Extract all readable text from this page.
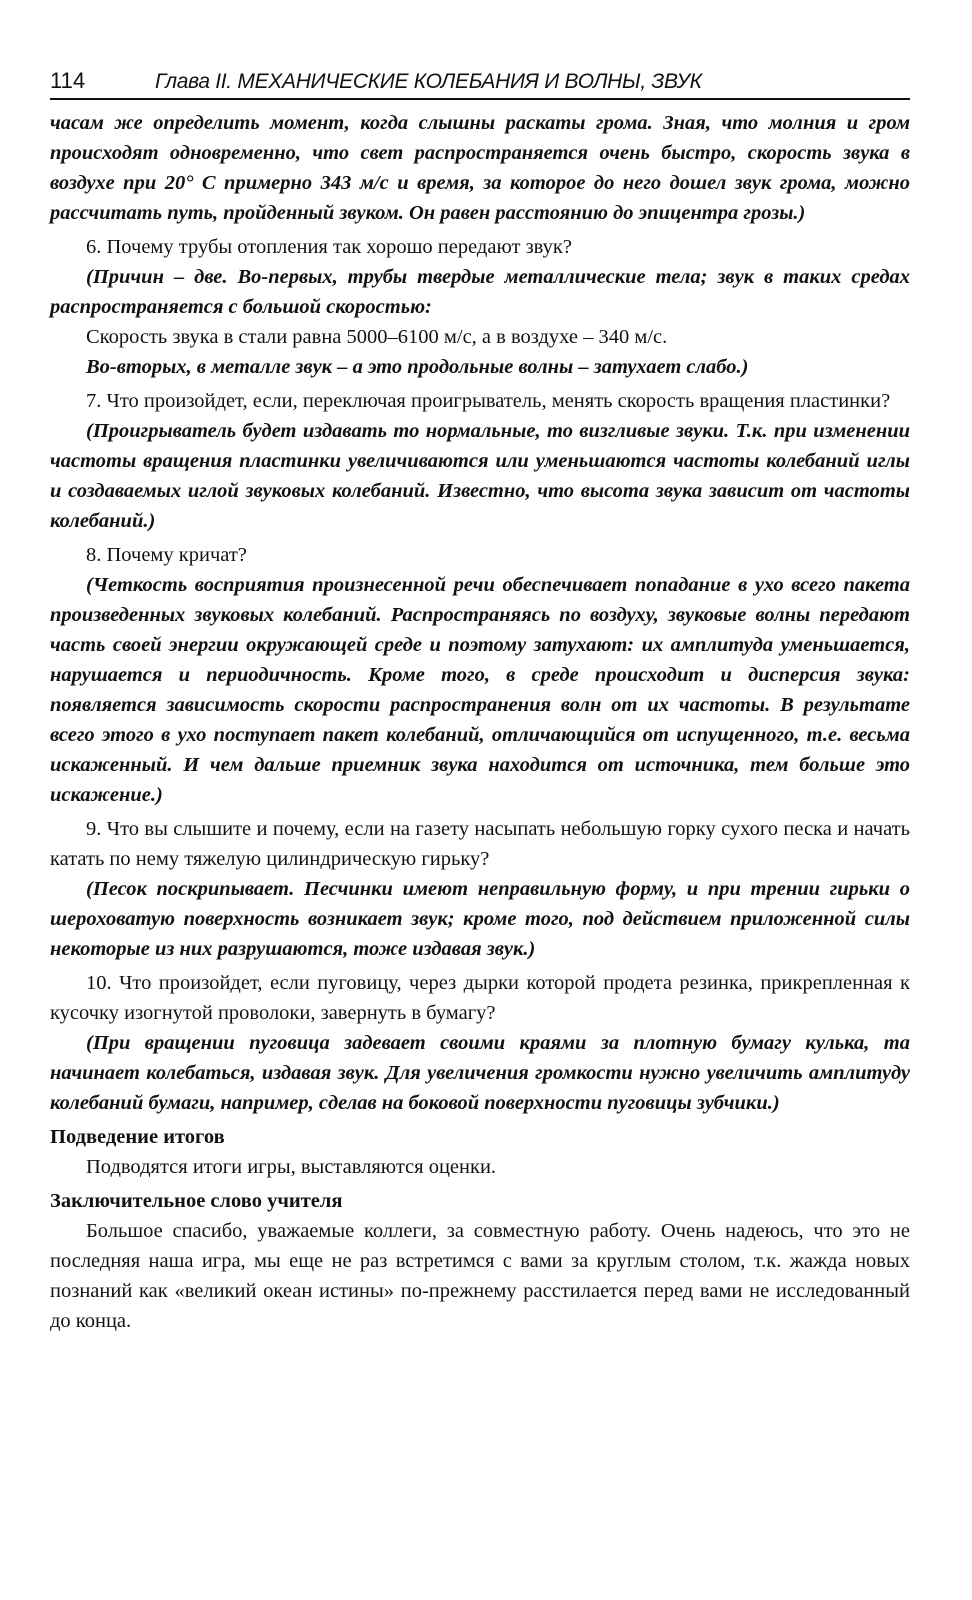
114	Глава II. МЕХАНИЧЕСКИЕ КОЛЕБАНИЯ И ВОЛНЫ, ЗВУК

часам же определить момент, когда слышны раскаты грома. Зная, что молния и гром происходят одновременно, что свет распространяется очень быстро, скорость звука в воздухе при 20° C примерно 343 м/с и время, за которое до него дошел звук грома, можно рассчитать путь, пройденный звуком. Он равен расстоянию до эпицентра грозы.)

6. Почему трубы отопления так хорошо передают звук?

(Причин – две. Во-первых, трубы твердые металлические тела; звук в таких средах распространяется с большой скоростью:

Скорость звука в стали равна 5000–6100 м/с, а в воздухе – 340 м/с.

Во-вторых, в металле звук – а это продольные волны – затухает слабо.)

7. Что произойдет, если, переключая проигрыватель, менять скорость вращения пластинки?

(Проигрыватель будет издавать то нормальные, то визгливые звуки. Т.к. при изменении частоты вращения пластинки увеличиваются или уменьшаются частоты колебаний иглы и создаваемых иглой звуковых колебаний. Известно, что высота звука зависит от частоты колебаний.)

8. Почему кричат?

(Четкость восприятия произнесенной речи обеспечивает попадание в ухо всего пакета произведенных звуковых колебаний. Распространяясь по воздуху, звуковые волны передают часть своей энергии окружающей среде и поэтому затухают: их амплитуда уменьшается, нарушается и периодичность. Кроме того, в среде происходит и дисперсия звука: появляется зависимость скорости распространения волн от их частоты. В результате всего этого в ухо поступает пакет колебаний, отличающийся от испущенного, т.е. весьма искаженный. И чем дальше приемник звука находится от источника, тем больше это искажение.)

9. Что вы слышите и почему, если на газету насыпать небольшую горку сухого песка и начать катать по нему тяжелую цилиндрическую гирьку?

(Песок поскрипывает. Песчинки имеют неправильную форму, и при трении гирьки о шероховатую поверхность возникает звук; кроме того, под действием приложенной силы некоторые из них разрушаются, тоже издавая звук.)

10. Что произойдет, если пуговицу, через дырки которой продета резинка, прикрепленная к кусочку изогнутой проволоки, завернуть в бумагу?

(При вращении пуговица задевает своими краями за плотную бумагу кулька, та начинает колебаться, издавая звук. Для увеличения громкости нужно увеличить амплитуду колебаний бумаги, например, сделав на боковой поверхности пуговицы зубчики.)

Подведение итогов

Подводятся итоги игры, выставляются оценки.

Заключительное слово учителя

Большое спасибо, уважаемые коллеги, за совместную работу. Очень надеюсь, что это не последняя наша игра, мы еще не раз встретимся с вами за круглым столом, т.к. жажда новых познаний как «великий океан истины» по-прежнему расстилается перед вами не исследованный до конца.
